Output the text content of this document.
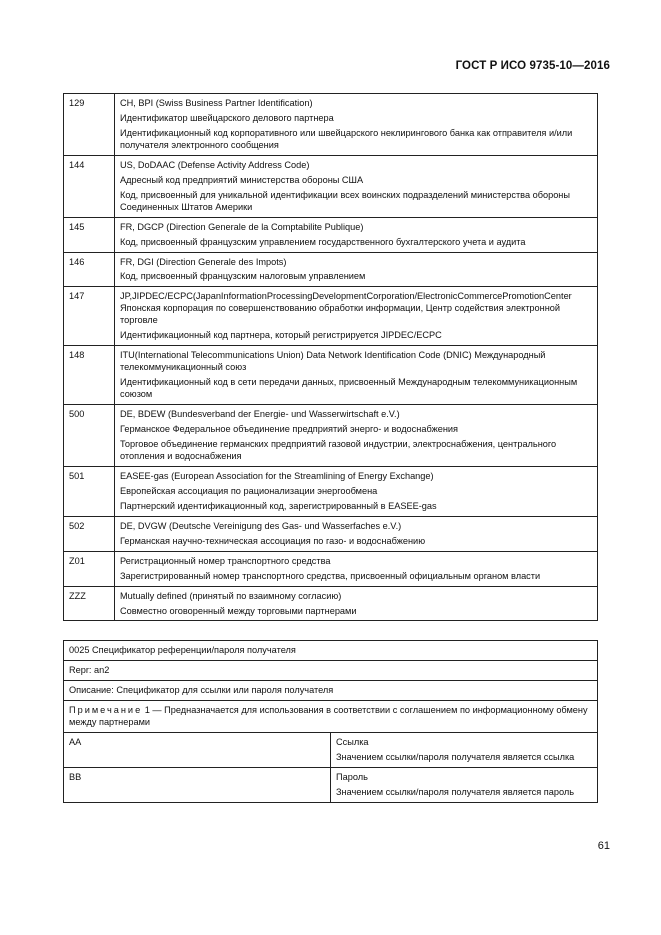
ГОСТ Р ИСО 9735-10—2016
129	CH, BPI (Swiss Business Partner Identification)
Идентификатор швейцарского делового партнера
Идентификационный код корпоративного или швейцарского неклирингового банка как отправителя и/или получателя электронного сообщения

144	US, DoDAAC (Defense Activity Address Code)
Адресный код предприятий министерства обороны США
Код, присвоенный для уникальной идентификации всех воинских подразделений министерства обороны Соединенных Штатов Америки

145	FR, DGCP (Direction Generale de la Comptabilite Publique)
Код, присвоенный французским управлением государственного бухгалтерского учета и аудита

146	FR, DGI (Direction Generale des Impots)
Код, присвоенный французским налоговым управлением

147	JP,JIPDEC/ECPC(JapanInformationProcessingDevelopmentCorporation/ElectronicCommercePromotionCenter Японская корпорация по совершенствованию обработки информации, Центр содействия электронной торговле
Идентификационный код партнера, который регистрируется JIPDEC/ECPC

148	ITU(International Telecommunications Union) Data Network Identification Code (DNIC) Международный телекоммуникационный союз
Идентификационный код в сети передачи данных, присвоенный Международным телекоммуникационным союзом

500	DE, BDEW (Bundesverband der Energie- und Wasserwirtschaft e.V.)
Германское Федеральное объединение предприятий энерго- и водоснабжения
Торговое объединение германских предприятий газовой индустрии, электроснабжения, центрального отопления и водоснабжения

501	EASEE-gas (European Association for the Streamlining of Energy Exchange)
Европейская ассоциация по рационализации энергообмена
Партнерский идентификационный код, зарегистрированный в EASEE-gas

502	DE, DVGW (Deutsche Vereinigung des Gas- und Wasserfaches e.V.)
Германская научно-техническая ассоциация по газо- и водоснабжению

Z01	Регистрационный номер транспортного средства
Зарегистрированный номер транспортного средства, присвоенный официальным органом власти

ZZZ	Mutually defined (принятый по взаимному согласию)
Совместно оговоренный между торговыми партнерами
0025 Спецификатор референции/пароля получателя	
Repr: an2	
Описание: Спецификатор для ссылки или пароля получателя	
Примечание 1 — Предназначается для использования в соответствии с соглашением по информационному обмену между партнерами	
AA	Ссылка
Значением ссылки/пароля получателя является ссылка

BB	Пароль
Значением ссылки/пароля получателя является пароль
61
